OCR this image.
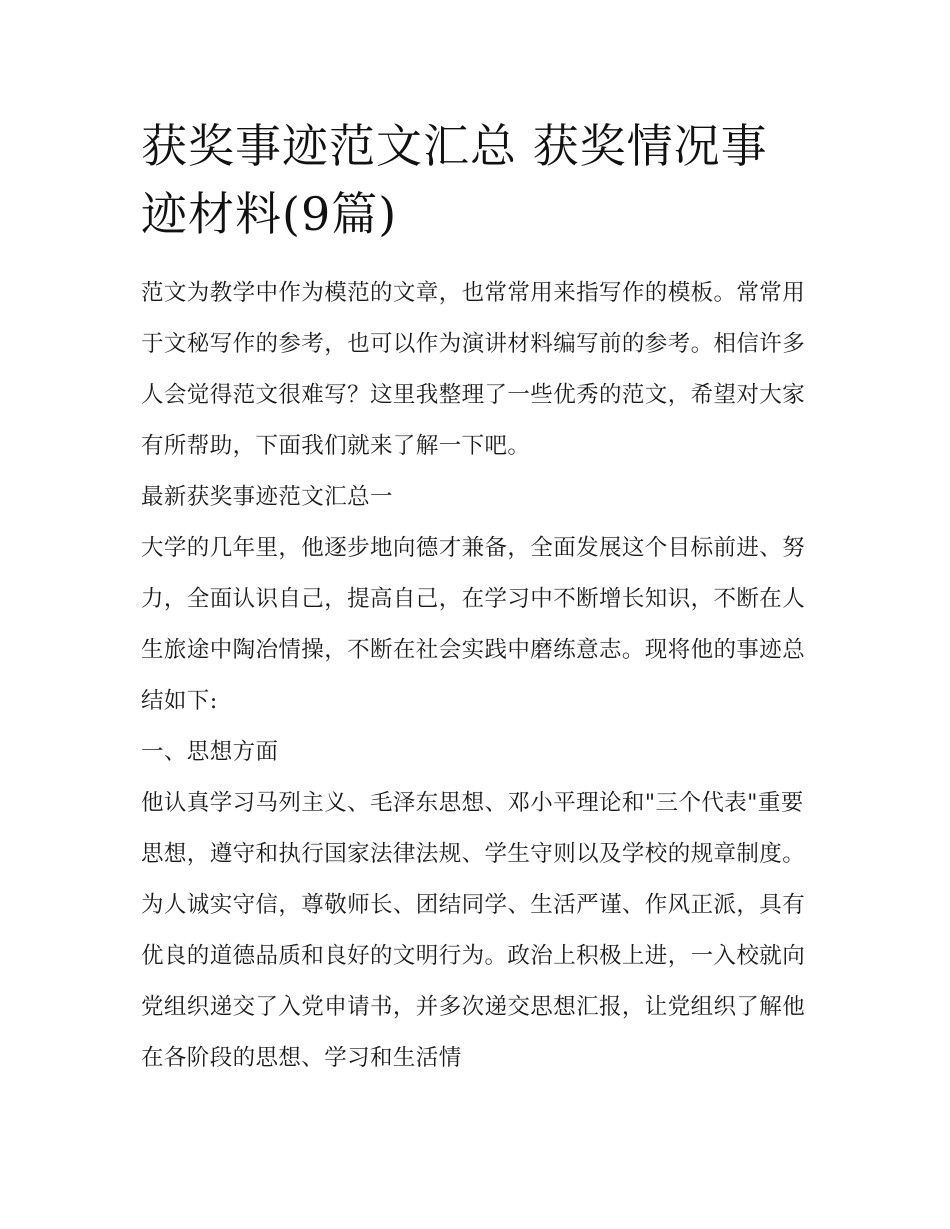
获奖事迹范文汇总 获奖情况事迹材料(9篇)

范文为教学中作为模范的文章，也常常用来指写作的模板。常常用于文秘写作的参考，也可以作为演讲材料编写前的参考。相信许多人会觉得范文很难写？这里我整理了一些优秀的范文，希望对大家有所帮助，下面我们就来了解一下吧。

最新获奖事迹范文汇总一

大学的几年里，他逐步地向德才兼备，全面发展这个目标前进、努力，全面认识自己，提高自己，在学习中不断增长知识，不断在人生旅途中陶冶情操，不断在社会实践中磨练意志。现将他的事迹总结如下:

一、思想方面

他认真学习马列主义、毛泽东思想、邓小平理论和"三个代表"重要思想，遵守和执行国家法律法规、学生守则以及学校的规章制度。为人诚实守信，尊敬师长、团结同学、生活严谨、作风正派，具有优良的道德品质和良好的文明行为。政治上积极上进，一入校就向党组织递交了入党申请书，并多次递交思想汇报，让党组织了解他在各阶段的思想、学习和生活情
